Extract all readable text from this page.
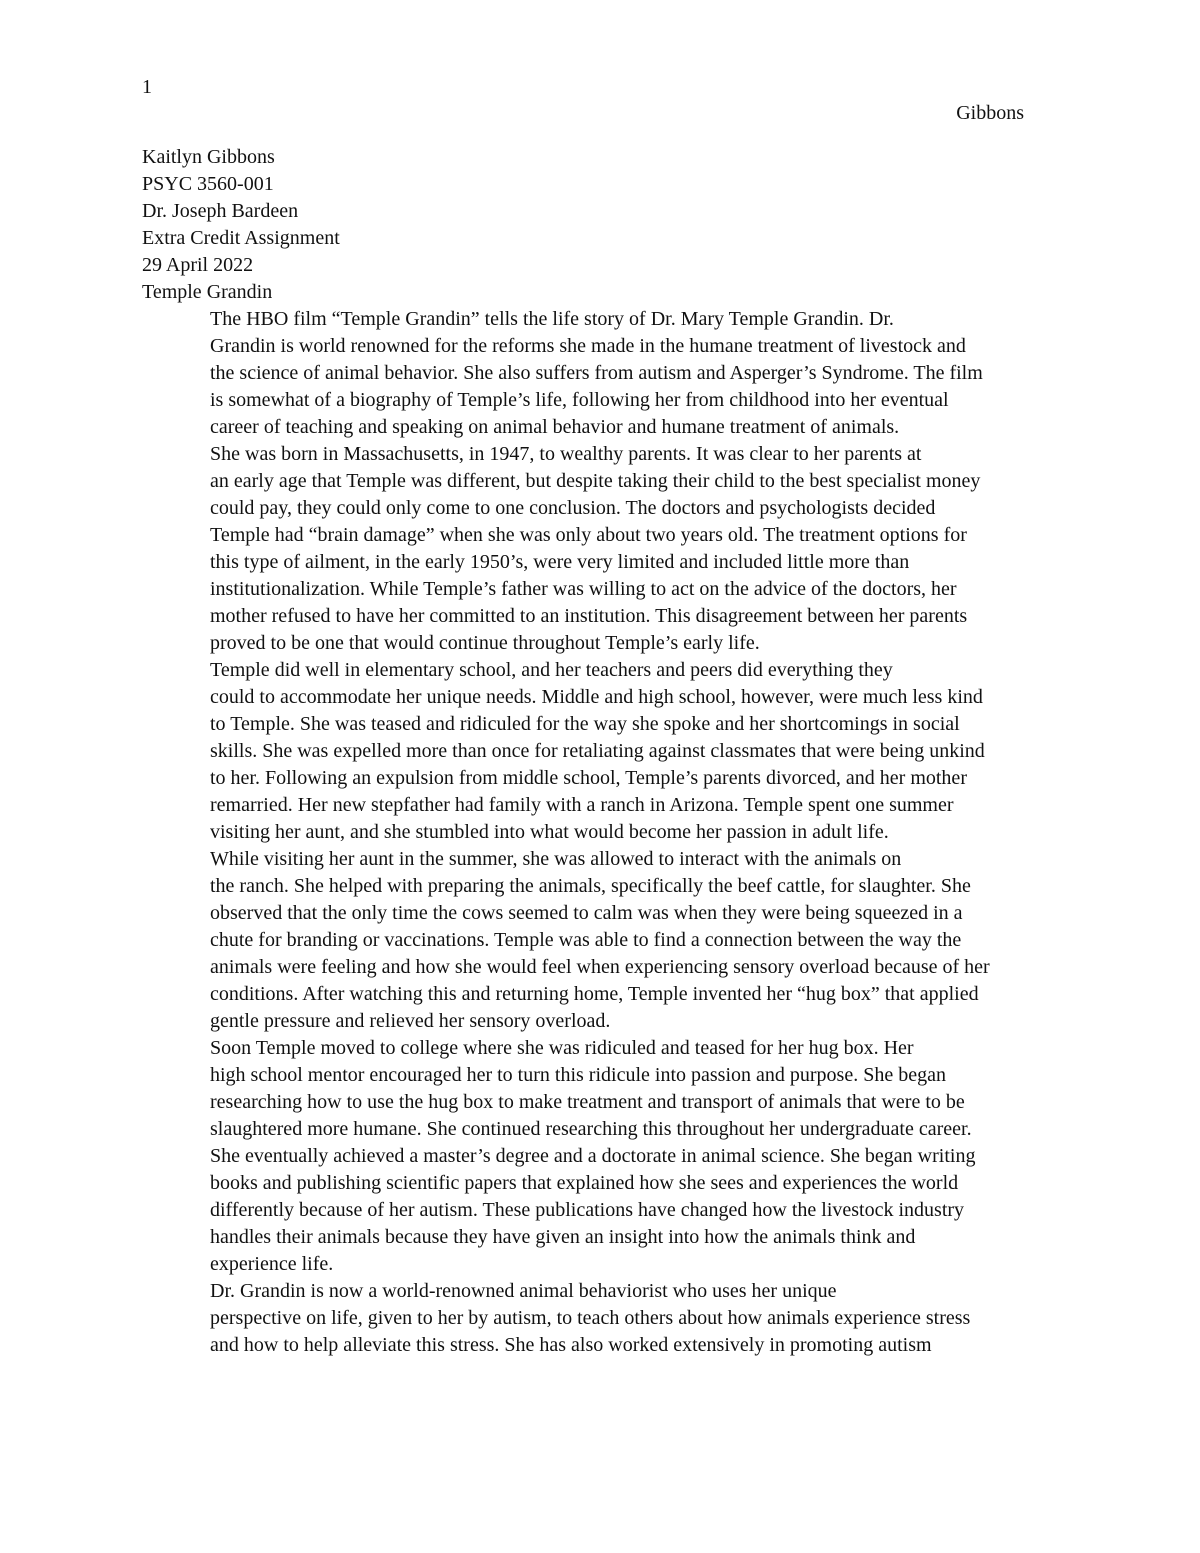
1
Gibbons
Kaitlyn Gibbons
PSYC 3560-001
Dr. Joseph Bardeen
Extra Credit Assignment
29 April 2022
Temple Grandin

The HBO film “Temple Grandin” tells the life story of Dr. Mary Temple Grandin. Dr.
Grandin is world renowned for the reforms she made in the humane treatment of livestock and
the science of animal behavior. She also suffers from autism and Asperger’s Syndrome. The film
is somewhat of a biography of Temple’s life, following her from childhood into her eventual
career of teaching and speaking on animal behavior and humane treatment of animals.

She was born in Massachusetts, in 1947, to wealthy parents. It was clear to her parents at
an early age that Temple was different, but despite taking their child to the best specialist money
could pay, they could only come to one conclusion. The doctors and psychologists decided
Temple had “brain damage” when she was only about two years old. The treatment options for
this type of ailment, in the early 1950’s, were very limited and included little more than
institutionalization. While Temple’s father was willing to act on the advice of the doctors, her
mother refused to have her committed to an institution. This disagreement between her parents
proved to be one that would continue throughout Temple’s early life.

Temple did well in elementary school, and her teachers and peers did everything they
could to accommodate her unique needs. Middle and high school, however, were much less kind
to Temple. She was teased and ridiculed for the way she spoke and her shortcomings in social
skills. She was expelled more than once for retaliating against classmates that were being unkind
to her. Following an expulsion from middle school, Temple’s parents divorced, and her mother
remarried. Her new stepfather had family with a ranch in Arizona. Temple spent one summer
visiting her aunt, and she stumbled into what would become her passion in adult life.

While visiting her aunt in the summer, she was allowed to interact with the animals on
the ranch. She helped with preparing the animals, specifically the beef cattle, for slaughter. She
observed that the only time the cows seemed to calm was when they were being squeezed in a
chute for branding or vaccinations. Temple was able to find a connection between the way the
animals were feeling and how she would feel when experiencing sensory overload because of her
conditions. After watching this and returning home, Temple invented her “hug box” that applied
gentle pressure and relieved her sensory overload.

Soon Temple moved to college where she was ridiculed and teased for her hug box. Her
high school mentor encouraged her to turn this ridicule into passion and purpose. She began
researching how to use the hug box to make treatment and transport of animals that were to be
slaughtered more humane. She continued researching this throughout her undergraduate career.
She eventually achieved a master’s degree and a doctorate in animal science. She began writing
books and publishing scientific papers that explained how she sees and experiences the world
differently because of her autism. These publications have changed how the livestock industry
handles their animals because they have given an insight into how the animals think and
experience life.

Dr. Grandin is now a world-renowned animal behaviorist who uses her unique
perspective on life, given to her by autism, to teach others about how animals experience stress
and how to help alleviate this stress. She has also worked extensively in promoting autism
